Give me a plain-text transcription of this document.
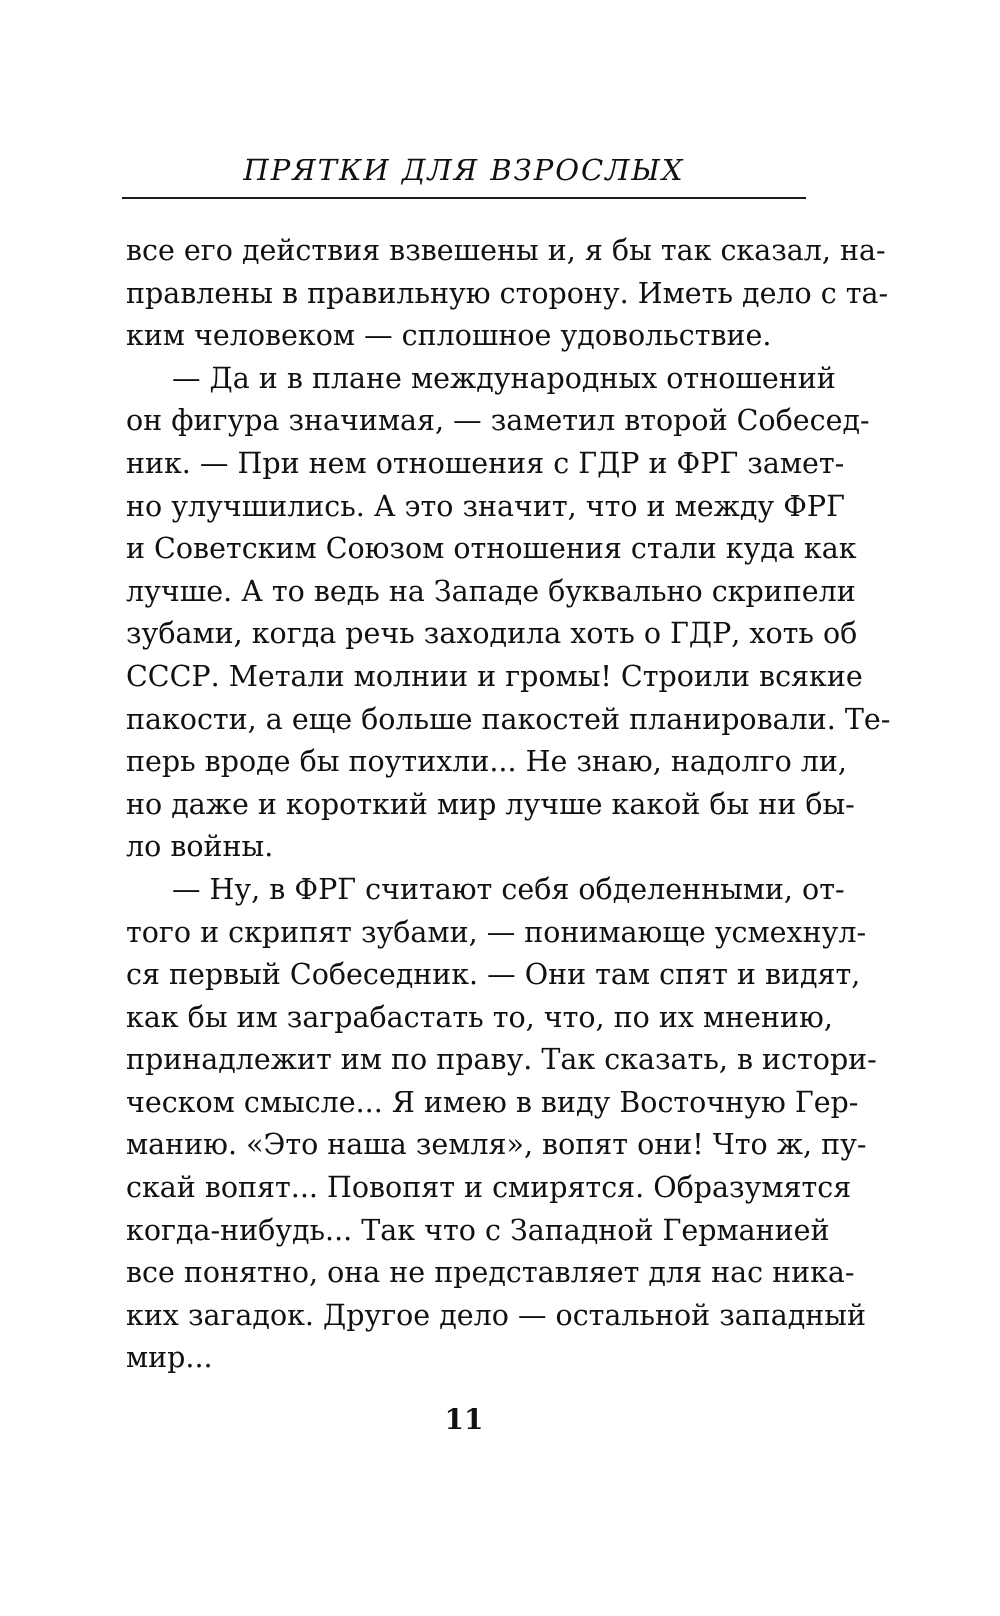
ПРЯТКИ ДЛЯ ВЗРОСЛЫХ
все его действия взвешены и, я бы так сказал, на-
правлены в правильную сторону. Иметь дело с та-
ким человеком — сплошное удовольствие.
— Да и в плане международных отношений
он фигура значимая, — заметил второй Собесед-
ник. — При нем отношения с ГДР и ФРГ замет-
но улучшились. А это значит, что и между ФРГ
и Советским Союзом отношения стали куда как
лучше. А то ведь на Западе буквально скрипели
зубами, когда речь заходила хоть о ГДР, хоть об
СССР. Метали молнии и громы! Строили всякие
пакости, а еще больше пакостей планировали. Те-
перь вроде бы поутихли... Не знаю, надолго ли,
но даже и короткий мир лучше какой бы ни бы-
ло войны.
— Ну, в ФРГ считают себя обделенными, от-
того и скрипят зубами, — понимающе усмехнул-
ся первый Собеседник. — Они там спят и видят,
как бы им заграбастать то, что, по их мнению,
принадлежит им по праву. Так сказать, в истори-
ческом смысле... Я имею в виду Восточную Гер-
манию. «Это наша земля», вопят они! Что ж, пу-
скай вопят... Повопят и смирятся. Образумятся
когда-нибудь... Так что с Западной Германией
все понятно, она не представляет для нас ника-
ких загадок. Другое дело — остальной западный
мир...
11
